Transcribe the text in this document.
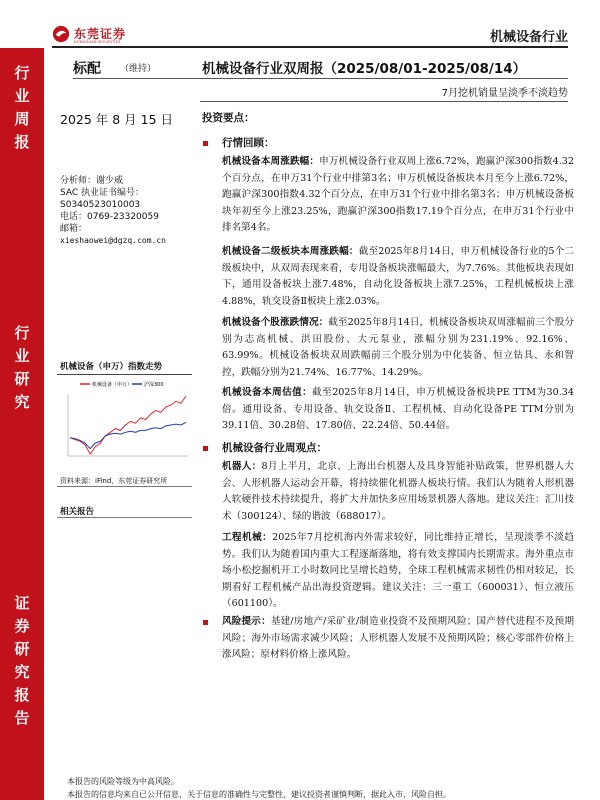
东莞证券
DONGGUAN SECURITIES	机械设备行业
行
业
周
报
行
业
研
究
证
券
研
究
报
告
标配 （维持）	机械设备行业双周报（2025/08/01-2025/08/14）
7月挖机销量呈淡季不淡趋势
2025 年 8 月 15 日	投资要点：
分析师：谢少威
SAC 执业证书编号：
S0340523010003
电话：0769-23320059
邮箱：
xieshaowei@dgzq.com.cn
机械设备（申万）指数走势
机械设备（申万） 沪深300
资料来源：iFind，东莞证券研究所
相关报告
行情回顾：
机械设备本周涨跌幅：申万机械设备行业双周上涨6.72%，跑赢沪深300指数4.32个百分点，在申万31个行业中排第3名；申万机械设备板块本月至今上涨6.72%，跑赢沪深300指数4.32个百分点，在申万31个行业中排名第3名；申万机械设备板块年初至今上涨23.25%，跑赢沪深300指数17.19个百分点，在申万31个行业中排名第4名。
机械设备二级板块本周涨跌幅：截至2025年8月14日，申万机械设备行业的5个二级板块中，从双周表现来看，专用设备板块涨幅最大，为7.76%。其他板块表现如下，通用设备板块上涨7.48%，自动化设备板块上涨7.25%，工程机械板块上涨4.88%，轨交设备Ⅱ板块上涨2.03%。
机械设备个股涨跌情况：截至2025年8月14日，机械设备板块双周涨幅前三个股分别为志高机械、洪田股份、大元泵业，涨幅分别为231.19%、92.16%、63.99%。机械设备板块双周跌幅前三个股分别为中化装备、恒立钻具、永和智控，跌幅分别为21.74%、16.77%、14.29%。
机械设备本周估值：截至2025年8月14日，申万机械设备板块PE TTM为30.34倍。通用设备、专用设备、轨交设备Ⅱ、工程机械、自动化设备PE TTM分别为39.11倍、30.28倍、17.80倍、22.24倍、50.44倍。
机械设备行业周观点：
机器人：8月上半月，北京、上海出台机器人及具身智能补贴政策，世界机器人大会、人形机器人运动会开幕，将持续催化机器人板块行情。我们认为随着人形机器人软硬件技术持续提升，将扩大并加快多应用场景机器人落地。建议关注：汇川技术（300124）、绿的谐波（688017）。
工程机械：2025年7月挖机海内外需求较好，同比维持正增长，呈现淡季不淡趋势。我们认为随着国内重大工程逐渐落地，将有效支撑国内长期需求。海外重点市场小松挖掘机开工小时数同比呈增长趋势，全球工程机械需求韧性仍相对较足，长期看好工程机械产品出海投资逻辑。建议关注：三一重工（600031）、恒立液压（601100）。
风险提示：基建/房地产/采矿业/制造业投资不及预期风险；国产替代进程不及预期风险；海外市场需求减少风险；人形机器人发展不及预期风险；核心零部件价格上涨风险；原材料价格上涨风险。
本报告的风险等级为中高风险。
本报告的信息均来自已公开信息，关于信息的准确性与完整性，建议投资者谨慎判断，据此入市，风险自担。
